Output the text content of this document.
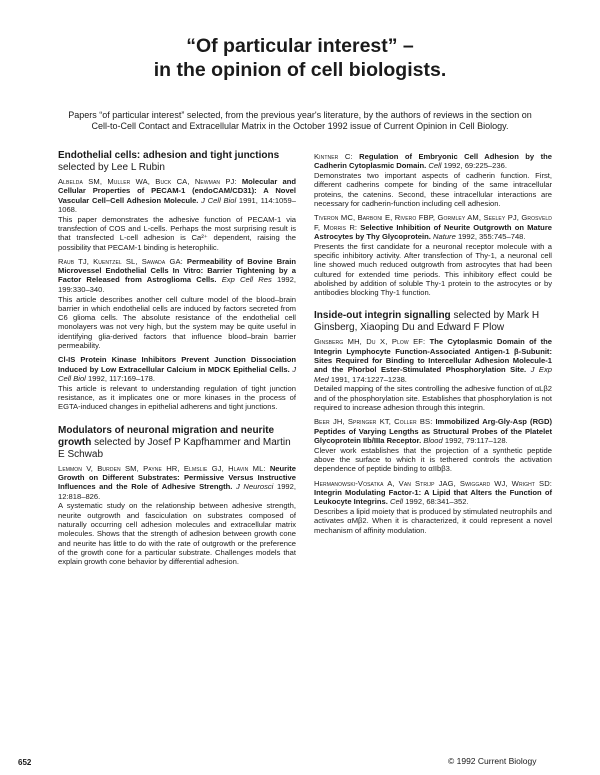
“Of particular interest” –
in the opinion of cell biologists.

Papers “of particular interest” selected, from the previous year's literature, by the authors of reviews in the section on Cell-to-Cell Contact and Extracellular Matrix in the October 1992 issue of Current Opinion in Cell Biology.

Endothelial cells: adhesion and tight junctions selected by Lee L Rubin

Albelda SM, Muller WA, Buck CA, Newman PJ: Molecular and Cellular Properties of PECAM-1 (endoCAM/CD31): A Novel Vascular Cell–Cell Adhesion Molecule. J Cell Biol 1991, 114:1059–1068.
This paper demonstrates the adhesive function of PECAM-1 via transfection of COS and L-cells. Perhaps the most surprising result is that transfected L-cell adhesion is Ca²⁺ dependent, raising the possibility that PECAM-1 binding is heterophilic.

Raub TJ, Kuentzel SL, Sawada GA: Permeability of Bovine Brain Microvessel Endothelial Cells In Vitro: Barrier Tightening by a Factor Released from Astroglioma Cells. Exp Cell Res 1992, 199:330–340.
This article describes another cell culture model of the blood–brain barrier in which endothelial cells are induced by factors secreted from C6 glioma cells. The absolute resistance of the endothelial cell monolayers was not very high, but the system may be quite useful in identifying glia-derived factors that influence blood–brain barrier permeability.

Cl-IS Protein Kinase Inhibitors Prevent Junction Dissociation Induced by Low Extracellular Calcium in MDCK Epithelial Cells. J Cell Biol 1992, 117:169–178.
This article is relevant to understanding regulation of tight junction resistance, as it implicates one or more kinases in the process of EGTA-induced changes in epithelial adherens and tight junctions.

Modulators of neuronal migration and neurite growth selected by Josef P Kapfhammer and Martin E Schwab

Lemmon V, Burden SM, Payne HR, Elmslie GJ, Hlavin ML: Neurite Growth on Different Substrates: Permissive Versus Instructive Influences and the Role of Adhesive Strength. J Neurosci 1992, 12:818–826.
A systematic study on the relationship between adhesive strength, neurite outgrowth and fasciculation on substrates composed of naturally occurring cell adhesion molecules and extracellular matrix molecules. Shows that the strength of adhesion between growth cone and neurite has little to do with the rate of outgrowth or the preference of the growth cone for a particular substrate. Challenges models that explain growth cone behavior by differential adhesion.

Kintner C: Regulation of Embryonic Cell Adhesion by the Cadherin Cytoplasmic Domain. Cell 1992, 69:225–236.
Demonstrates two important aspects of cadherin function. First, different cadherins compete for binding of the same intracellular proteins, the catenins. Second, these intracellular interactions are necessary for cadherin-function including cell adhesion.

Tiveron MC, Barboni E, Rivero FBP, Gormley AM, Seeley PJ, Grosveld F, Morris R: Selective Inhibition of Neurite Outgrowth on Mature Astrocytes by Thy Glycoprotein. Nature 1992, 355:745–748.
Presents the first candidate for a neuronal receptor molecule with a specific inhibitory activity. After transfection of Thy-1, a neuronal cell line showed much reduced outgrowth from astrocytes that had been cultured for extended time periods. This inhibitory effect could be abolished by addition of soluble Thy-1 protein to the astrocytes or by antibodies blocking Thy-1 function.

Inside-out integrin signalling selected by Mark H Ginsberg, Xiaoping Du and Edward F Plow

Ginsberg MH, Du X, Plow EF: The Cytoplasmic Domain of the Integrin Lymphocyte Function-Associated Antigen-1 β-Subunit: Sites Required for Binding to Intercellular Adhesion Molecule-1 and the Phorbol Ester-Stimulated Phosphorylation Site. J Exp Med 1991, 174:1227–1238.
Detailed mapping of the sites controlling the adhesive function of αLβ2 and of the phosphorylation site. Establishes that phosphorylation is not required to increase adhesion through this integrin.

Beer JH, Springer KT, Coller BS: Immobilized Arg-Gly-Asp (RGD) Peptides of Varying Lengths as Structural Probes of the Platelet Glycoprotein IIb/IIIa Receptor. Blood 1992, 79:117–128.
Clever work establishes that the projection of a synthetic peptide above the surface to which it is tethered controls the activation dependence of peptide binding to αIIbβ3.

Hermanowski-Vosatka A, Van Strijp JAG, Swiggard WJ, Wright SD: Integrin Modulating Factor-1: A Lipid that Alters the Function of Leukocyte Integrins. Cell 1992, 68:341–352.
Describes a lipid moiety that is produced by stimulated neutrophils and activates αMβ2. When it is characterized, it could represent a novel mechanism of affinity modulation.

652	© 1992 Current Biology
